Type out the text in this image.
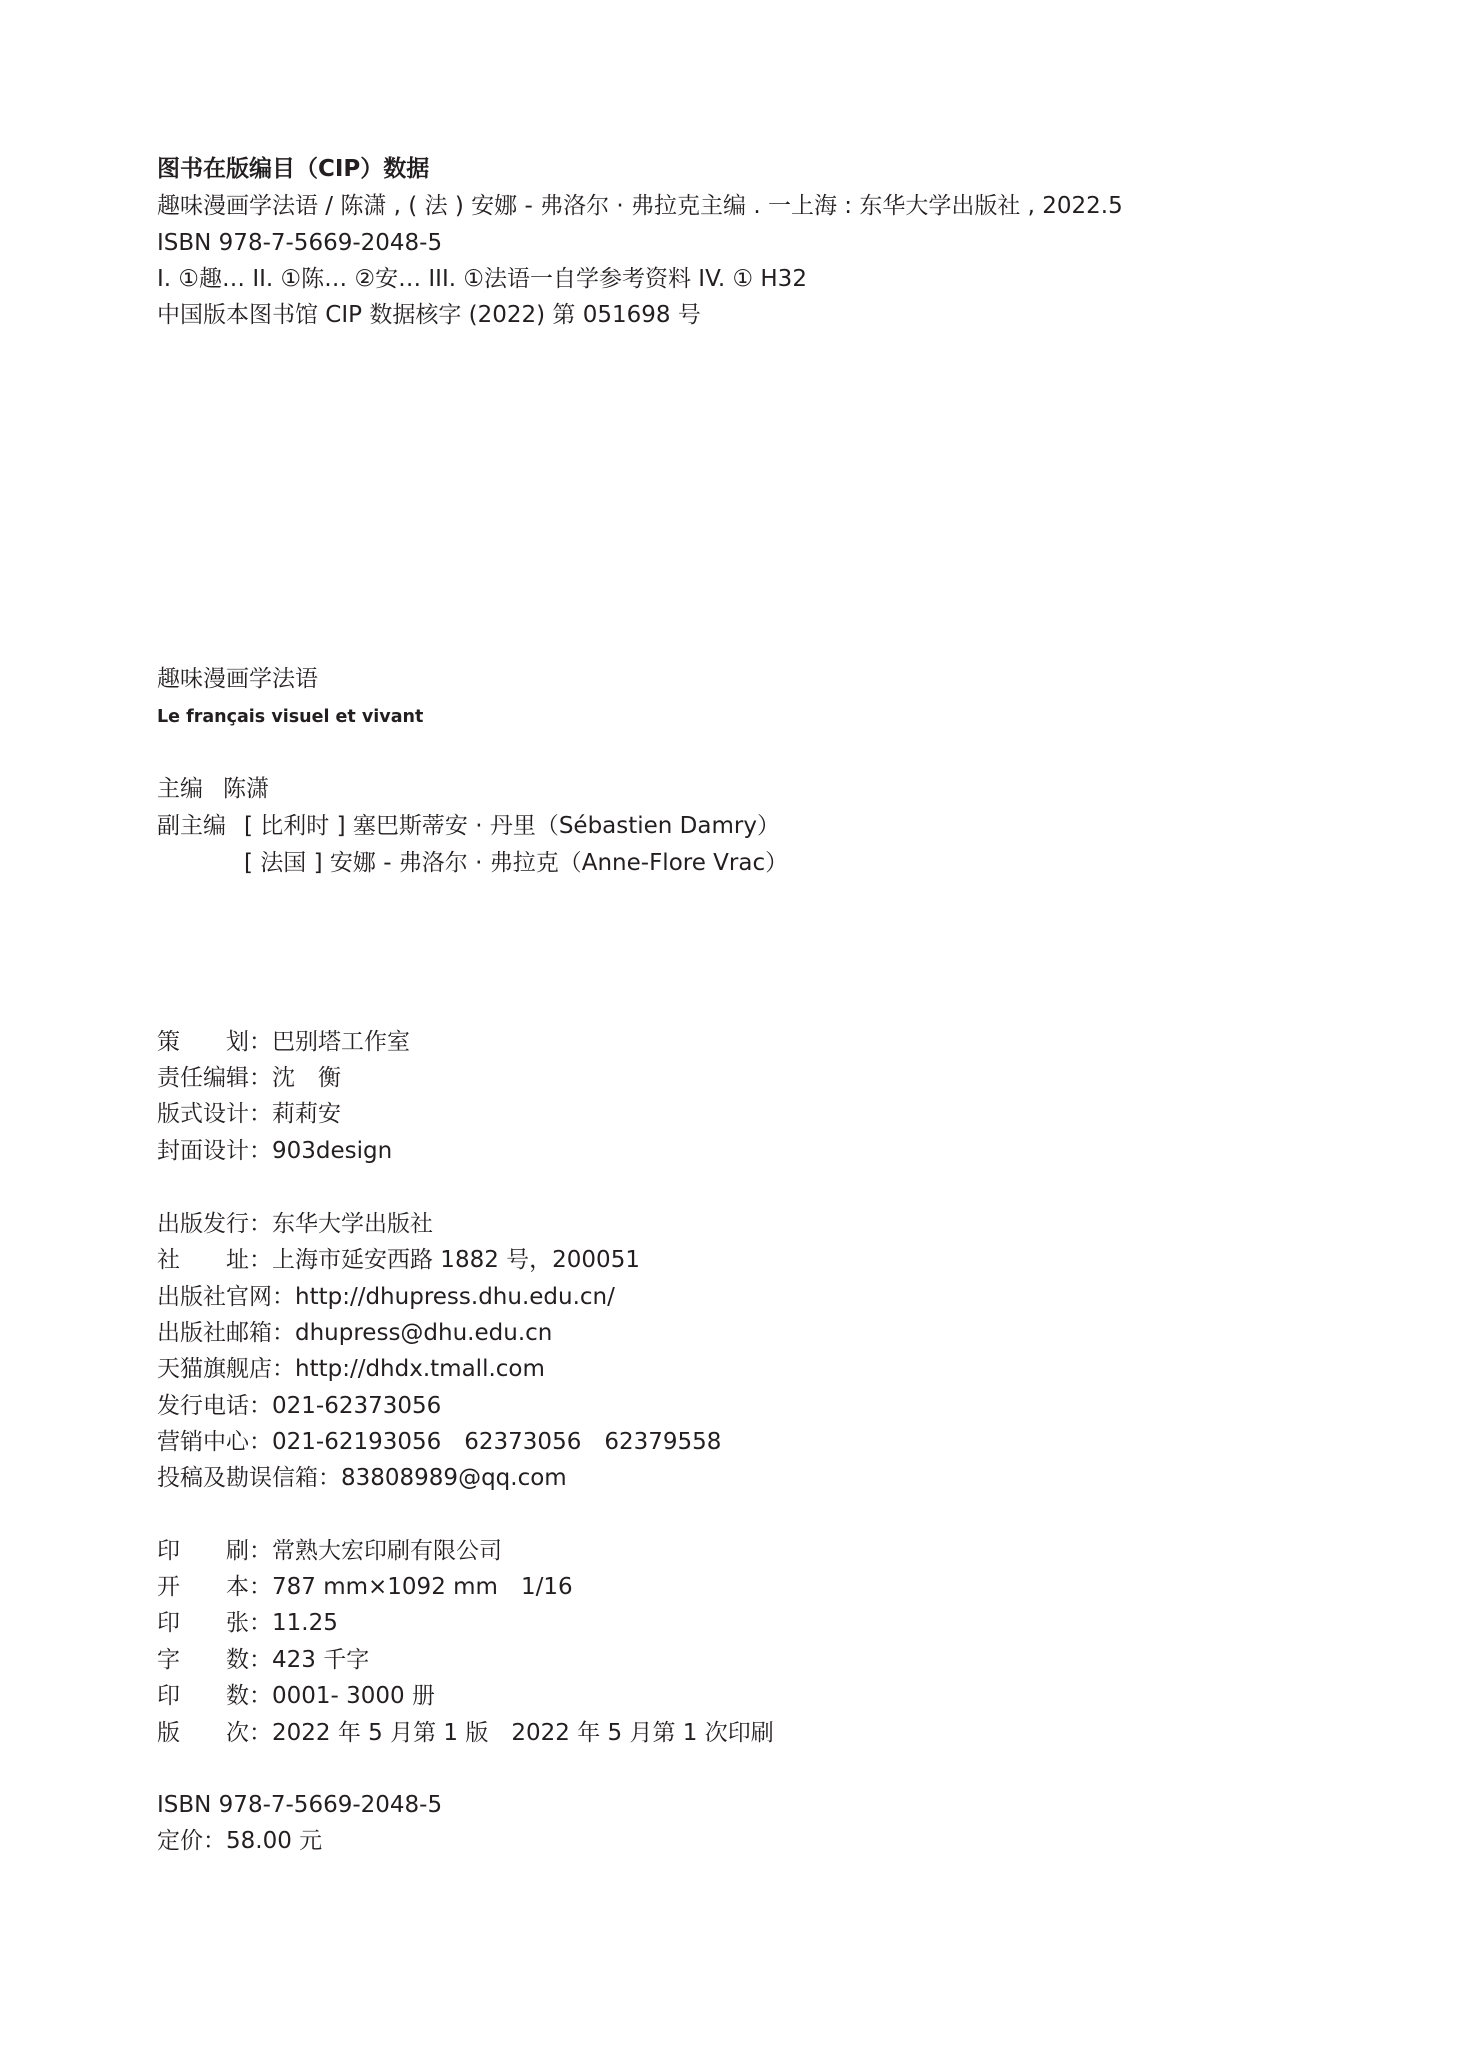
图书在版编目（CIP）数据
趣味漫画学法语 / 陈潇 , ( 法 ) 安娜 - 弗洛尔 · 弗拉克主编 . 一上海 : 东华大学出版社 , 2022.5
ISBN 978-7-5669-2048-5
I. ①趣… II. ①陈… ②安… III. ①法语一自学参考资料 IV. ① H32
中国版本图书馆 CIP 数据核字 (2022) 第 051698 号
趣味漫画学法语
Le français visuel et vivant
主编 陈潇
副主编 [ 比利时 ] 塞巴斯蒂安 · 丹里（Sébastien Damry）
[ 法国 ] 安娜 - 弗洛尔 · 弗拉克（Anne-Flore Vrac）
策　　划：巴别塔工作室
责任编辑：沈　衡
版式设计：莉莉安
封面设计：903design
出版发行：东华大学出版社
社　　址：上海市延安西路 1882 号，200051
出版社官网：http://dhupress.dhu.edu.cn/
出版社邮箱：dhupress@dhu.edu.cn
天猫旗舰店：http://dhdx.tmall.com
发行电话：021-62373056
营销中心：021-62193056　62373056　62379558
投稿及勘误信箱：83808989@qq.com
印　　刷：常熟大宏印刷有限公司
开　　本：787 mm×1092 mm　1/16
印　　张：11.25
字　　数：423 千字
印　　数：0001- 3000 册
版　　次：2022 年 5 月第 1 版　2022 年 5 月第 1 次印刷
ISBN 978-7-5669-2048-5
定价：58.00 元
